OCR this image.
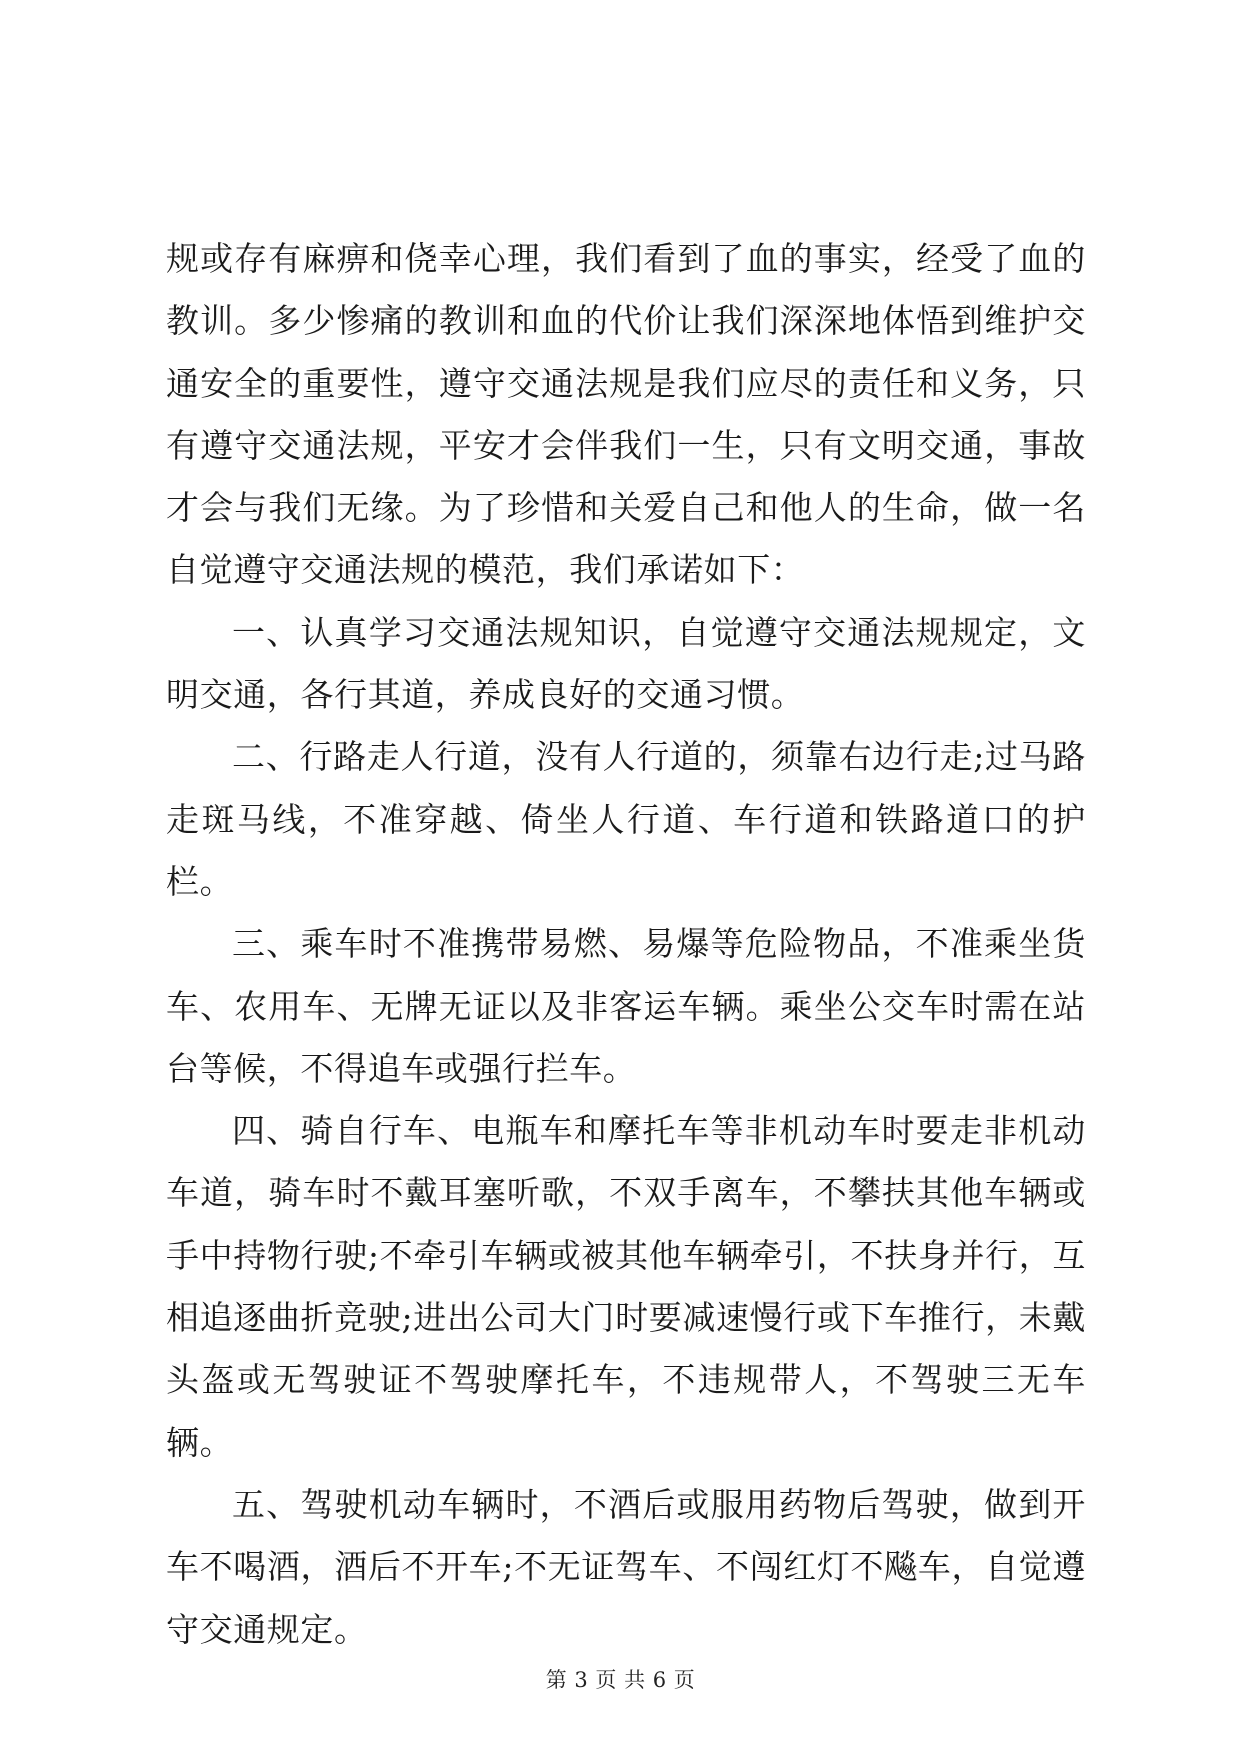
规或存有麻痹和侥幸心理，我们看到了血的事实，经受了血的教训。多少惨痛的教训和血的代价让我们深深地体悟到维护交通安全的重要性，遵守交通法规是我们应尽的责任和义务，只有遵守交通法规，平安才会伴我们一生，只有文明交通，事故才会与我们无缘。为了珍惜和关爱自己和他人的生命，做一名自觉遵守交通法规的模范，我们承诺如下：

一、认真学习交通法规知识，自觉遵守交通法规规定，文明交通，各行其道，养成良好的交通习惯。

二、行路走人行道，没有人行道的，须靠右边行走;过马路走斑马线，不准穿越、倚坐人行道、车行道和铁路道口的护栏。

三、乘车时不准携带易燃、易爆等危险物品，不准乘坐货车、农用车、无牌无证以及非客运车辆。乘坐公交车时需在站台等候，不得追车或强行拦车。

四、骑自行车、电瓶车和摩托车等非机动车时要走非机动车道，骑车时不戴耳塞听歌，不双手离车，不攀扶其他车辆或手中持物行驶;不牵引车辆或被其他车辆牵引，不扶身并行，互相追逐曲折竞驶;进出公司大门时要减速慢行或下车推行，未戴头盔或无驾驶证不驾驶摩托车，不违规带人，不驾驶三无车辆。

五、驾驶机动车辆时，不酒后或服用药物后驾驶，做到开车不喝酒，酒后不开车;不无证驾车、不闯红灯不飚车，自觉遵守交通规定。

第 3 页 共 6 页
